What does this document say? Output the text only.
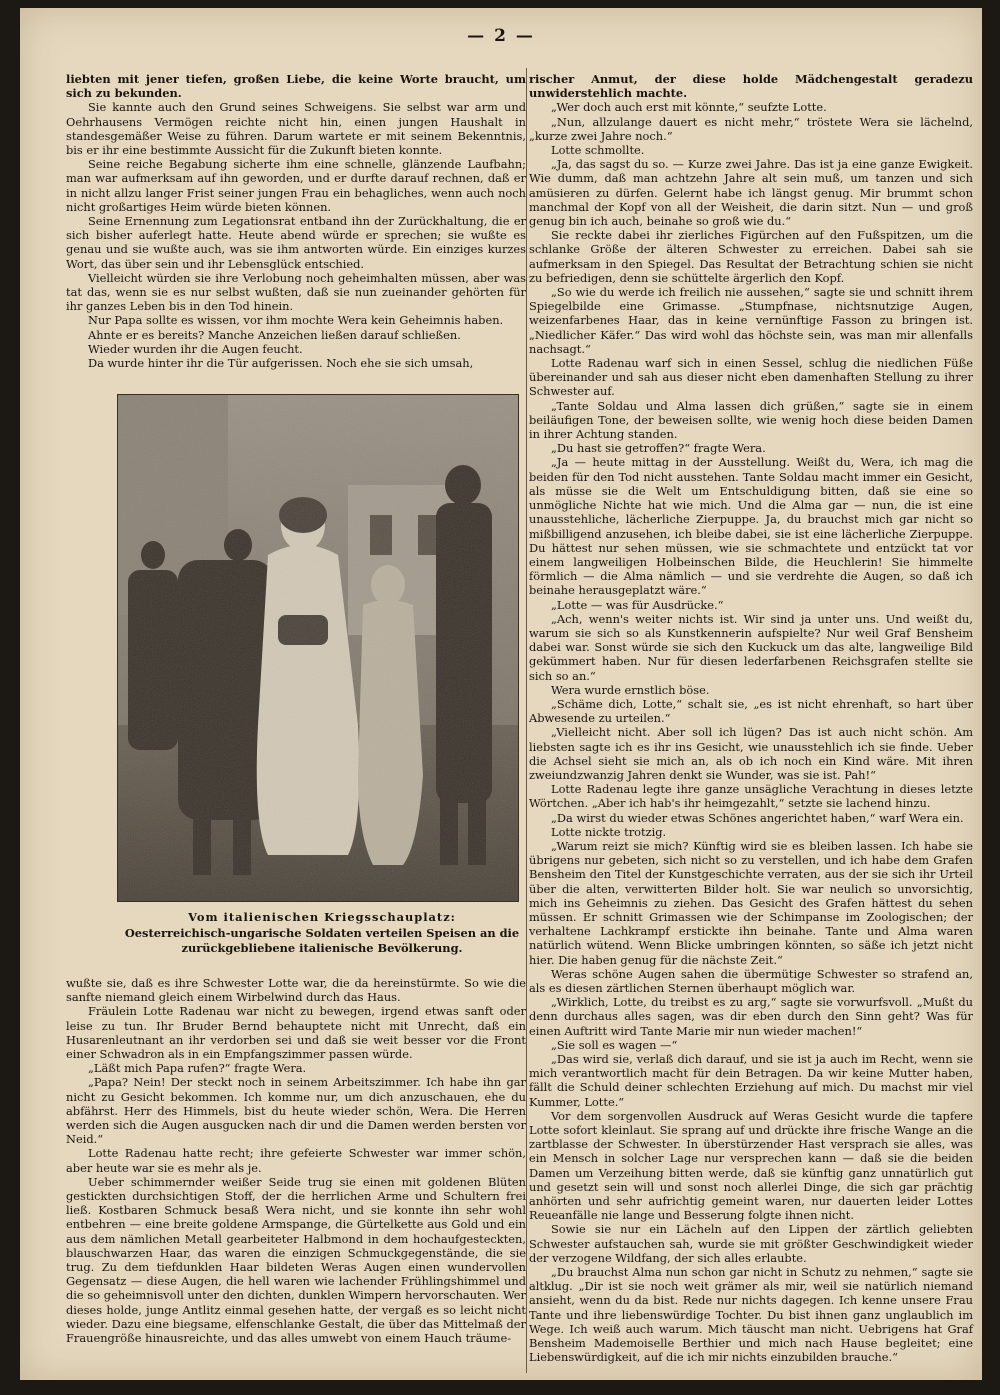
— 2 —

liebten mit jener tiefen, großen Liebe, die keine Worte braucht, um sich zu bekunden.

Sie kannte auch den Grund seines Schweigens. Sie selbst war arm und Oehrhausens Vermögen reichte nicht hin, einen jungen Haushalt in standesgemäßer Weise zu führen. Darum wartete er mit seinem Bekenntnis, bis er ihr eine bestimmte Aussicht für die Zukunft bieten konnte.

Seine reiche Begabung sicherte ihm eine schnelle, glänzende Laufbahn; man war aufmerksam auf ihn geworden, und er durfte darauf rechnen, daß er in nicht allzu langer Frist seiner jungen Frau ein behagliches, wenn auch noch nicht großartiges Heim würde bieten können.

Seine Ernennung zum Legationsrat entband ihn der Zurückhaltung, die er sich bisher auferlegt hatte. Heute abend würde er sprechen; sie wußte es genau und sie wußte auch, was sie ihm antworten würde. Ein einziges kurzes Wort, das über sein und ihr Lebensglück entschied.

Vielleicht würden sie ihre Verlobung noch geheimhalten müssen, aber was tat das, wenn sie es nur selbst wußten, daß sie nun zueinander gehörten für ihr ganzes Leben bis in den Tod hinein.

Nur Papa sollte es wissen, vor ihm mochte Wera kein Geheimnis haben.

Ahnte er es bereits? Manche Anzeichen ließen darauf schließen.

Wieder wurden ihr die Augen feucht.

Da wurde hinter ihr die Tür aufgerissen. Noch ehe sie sich umsah,

Vom italienischen Kriegsschauplatz:
Oesterreichisch-ungarische Soldaten verteilen Speisen an die zurückgebliebene italienische Bevölkerung.

wußte sie, daß es ihre Schwester Lotte war, die da hereinstürmte. So wie die sanfte niemand gleich einem Wirbelwind durch das Haus.

Fräulein Lotte Radenau war nicht zu bewegen, irgend etwas sanft oder leise zu tun. Ihr Bruder Bernd behauptete nicht mit Unrecht, daß ein Husarenleutnant an ihr verdorben sei und daß sie weit besser vor die Front einer Schwadron als in ein Empfangszimmer passen würde.

„Läßt mich Papa rufen?“ fragte Wera.

„Papa? Nein! Der steckt noch in seinem Arbeitszimmer. Ich habe ihn gar nicht zu Gesicht bekommen. Ich komme nur, um dich anzuschauen, ehe du abfährst. Herr des Himmels, bist du heute wieder schön, Wera. Die Herren werden sich die Augen ausgucken nach dir und die Damen werden bersten vor Neid.“

Lotte Radenau hatte recht; ihre gefeierte Schwester war immer schön, aber heute war sie es mehr als je.

Ueber schimmernder weißer Seide trug sie einen mit goldenen Blüten gestickten durchsichtigen Stoff, der die herrlichen Arme und Schultern frei ließ. Kostbaren Schmuck besaß Wera nicht, und sie konnte ihn sehr wohl entbehren — eine breite goldene Armspange, die Gürtelkette aus Gold und ein aus dem nämlichen Metall gearbeiteter Halbmond in dem hochaufgesteckten, blauschwarzen Haar, das waren die einzigen Schmuckgegenstände, die sie trug. Zu dem tiefdunklen Haar bildeten Weras Augen einen wundervollen Gegensatz — diese Augen, die hell waren wie lachender Frühlingshimmel und die so geheimnisvoll unter den dichten, dunklen Wimpern hervorschauten. Wer dieses holde, junge Antlitz einmal gesehen hatte, der vergaß es so leicht nicht wieder. Dazu eine biegsame, elfenschlanke Gestalt, die über das Mittelmaß der Frauengröße hinausreichte, und das alles umwebt von einem Hauch träume-

rischer Anmut, der diese holde Mädchengestalt geradezu unwiderstehlich machte.

„Wer doch auch erst mit könnte,“ seufzte Lotte.

„Nun, allzulange dauert es nicht mehr,“ tröstete Wera sie lächelnd, „kurze zwei Jahre noch.“

Lotte schmollte.

„Ja, das sagst du so. — Kurze zwei Jahre. Das ist ja eine ganze Ewigkeit. Wie dumm, daß man achtzehn Jahre alt sein muß, um tanzen und sich amüsieren zu dürfen. Gelernt habe ich längst genug. Mir brummt schon manchmal der Kopf von all der Weisheit, die darin sitzt. Nun — und groß genug bin ich auch, beinahe so groß wie du.“

Sie reckte dabei ihr zierliches Figürchen auf den Fußspitzen, um die schlanke Größe der älteren Schwester zu erreichen. Dabei sah sie aufmerksam in den Spiegel. Das Resultat der Betrachtung schien sie nicht zu befriedigen, denn sie schüttelte ärgerlich den Kopf.

„So wie du werde ich freilich nie aussehen,“ sagte sie und schnitt ihrem Spiegelbilde eine Grimasse. „Stumpfnase, nichtsnutzige Augen, weizenfarbenes Haar, das in keine vernünftige Fasson zu bringen ist. „Niedlicher Käfer.“ Das wird wohl das höchste sein, was man mir allenfalls nachsagt.“

Lotte Radenau warf sich in einen Sessel, schlug die niedlichen Füße übereinander und sah aus dieser nicht eben damenhaften Stellung zu ihrer Schwester auf.

„Tante Soldau und Alma lassen dich grüßen,“ sagte sie in einem beiläufigen Tone, der beweisen sollte, wie wenig hoch diese beiden Damen in ihrer Achtung standen.

„Du hast sie getroffen?“ fragte Wera.

„Ja — heute mittag in der Ausstellung. Weißt du, Wera, ich mag die beiden für den Tod nicht ausstehen. Tante Soldau macht immer ein Gesicht, als müsse sie die Welt um Entschuldigung bitten, daß sie eine so unmögliche Nichte hat wie mich. Und die Alma gar — nun, die ist eine unausstehliche, lächerliche Zierpuppe. Ja, du brauchst mich gar nicht so mißbilligend anzusehen, ich bleibe dabei, sie ist eine lächerliche Zierpuppe. Du hättest nur sehen müssen, wie sie schmachtete und entzückt tat vor einem langweiligen Holbeinschen Bilde, die Heuchlerin! Sie himmelte förmlich — die Alma nämlich — und sie verdrehte die Augen, so daß ich beinahe herausgeplatzt wäre.“

„Lotte — was für Ausdrücke.“

„Ach, wenn's weiter nichts ist. Wir sind ja unter uns. Und weißt du, warum sie sich so als Kunstkennerin aufspielte? Nur weil Graf Bensheim dabei war. Sonst würde sie sich den Kuckuck um das alte, langweilige Bild gekümmert haben. Nur für diesen lederfarbenen Reichsgrafen stellte sie sich so an.“

Wera wurde ernstlich böse.

„Schäme dich, Lotte,“ schalt sie, „es ist nicht ehrenhaft, so hart über Abwesende zu urteilen.“

„Vielleicht nicht. Aber soll ich lügen? Das ist auch nicht schön. Am liebsten sagte ich es ihr ins Gesicht, wie unausstehlich ich sie finde. Ueber die Achsel sieht sie mich an, als ob ich noch ein Kind wäre. Mit ihren zweiundzwanzig Jahren denkt sie Wunder, was sie ist. Pah!“

Lotte Radenau legte ihre ganze unsägliche Verachtung in dieses letzte Wörtchen. „Aber ich hab's ihr heimgezahlt,“ setzte sie lachend hinzu.

„Da wirst du wieder etwas Schönes angerichtet haben,“ warf Wera ein.

Lotte nickte trotzig.

„Warum reizt sie mich? Künftig wird sie es bleiben lassen. Ich habe sie übrigens nur gebeten, sich nicht so zu verstellen, und ich habe dem Grafen Bensheim den Titel der Kunstgeschichte verraten, aus der sie sich ihr Urteil über die alten, verwitterten Bilder holt. Sie war neulich so unvorsichtig, mich ins Geheimnis zu ziehen. Das Gesicht des Grafen hättest du sehen müssen. Er schnitt Grimassen wie der Schimpanse im Zoologischen; der verhaltene Lachkrampf erstickte ihn beinahe. Tante und Alma waren natürlich wütend. Wenn Blicke umbringen könnten, so säße ich jetzt nicht hier. Die haben genug für die nächste Zeit.“

Weras schöne Augen sahen die übermütige Schwester so strafend an, als es diesen zärtlichen Sternen überhaupt möglich war.

„Wirklich, Lotte, du treibst es zu arg,“ sagte sie vorwurfsvoll. „Mußt du denn durchaus alles sagen, was dir eben durch den Sinn geht? Was für einen Auftritt wird Tante Marie mir nun wieder machen!“

„Sie soll es wagen —“

„Das wird sie, verlaß dich darauf, und sie ist ja auch im Recht, wenn sie mich verantwortlich macht für dein Betragen. Da wir keine Mutter haben, fällt die Schuld deiner schlechten Erziehung auf mich. Du machst mir viel Kummer, Lotte.“

Vor dem sorgenvollen Ausdruck auf Weras Gesicht wurde die tapfere Lotte sofort kleinlaut. Sie sprang auf und drückte ihre frische Wange an die zartblasse der Schwester. In überstürzender Hast versprach sie alles, was ein Mensch in solcher Lage nur versprechen kann — daß sie die beiden Damen um Verzeihung bitten werde, daß sie künftig ganz unnatürlich gut und gesetzt sein will und sonst noch allerlei Dinge, die sich gar prächtig anhörten und sehr aufrichtig gemeint waren, nur dauerten leider Lottes Reueanfälle nie lange und Besserung folgte ihnen nicht.

Sowie sie nur ein Lächeln auf den Lippen der zärtlich geliebten Schwester aufstauchen sah, wurde sie mit größter Geschwindigkeit wieder der verzogene Wildfang, der sich alles erlaubte.

„Du brauchst Alma nun schon gar nicht in Schutz zu nehmen,“ sagte sie altklug. „Dir ist sie noch weit grämer als mir, weil sie natürlich niemand ansieht, wenn du da bist. Rede nur nichts dagegen. Ich kenne unsere Frau Tante und ihre liebenswürdige Tochter. Du bist ihnen ganz unglaublich im Wege. Ich weiß auch warum. Mich täuscht man nicht. Uebrigens hat Graf Bensheim Mademoiselle Berthier und mich nach Hause begleitet; eine Liebenswürdigkeit, auf die ich mir nichts einzubilden brauche.“
